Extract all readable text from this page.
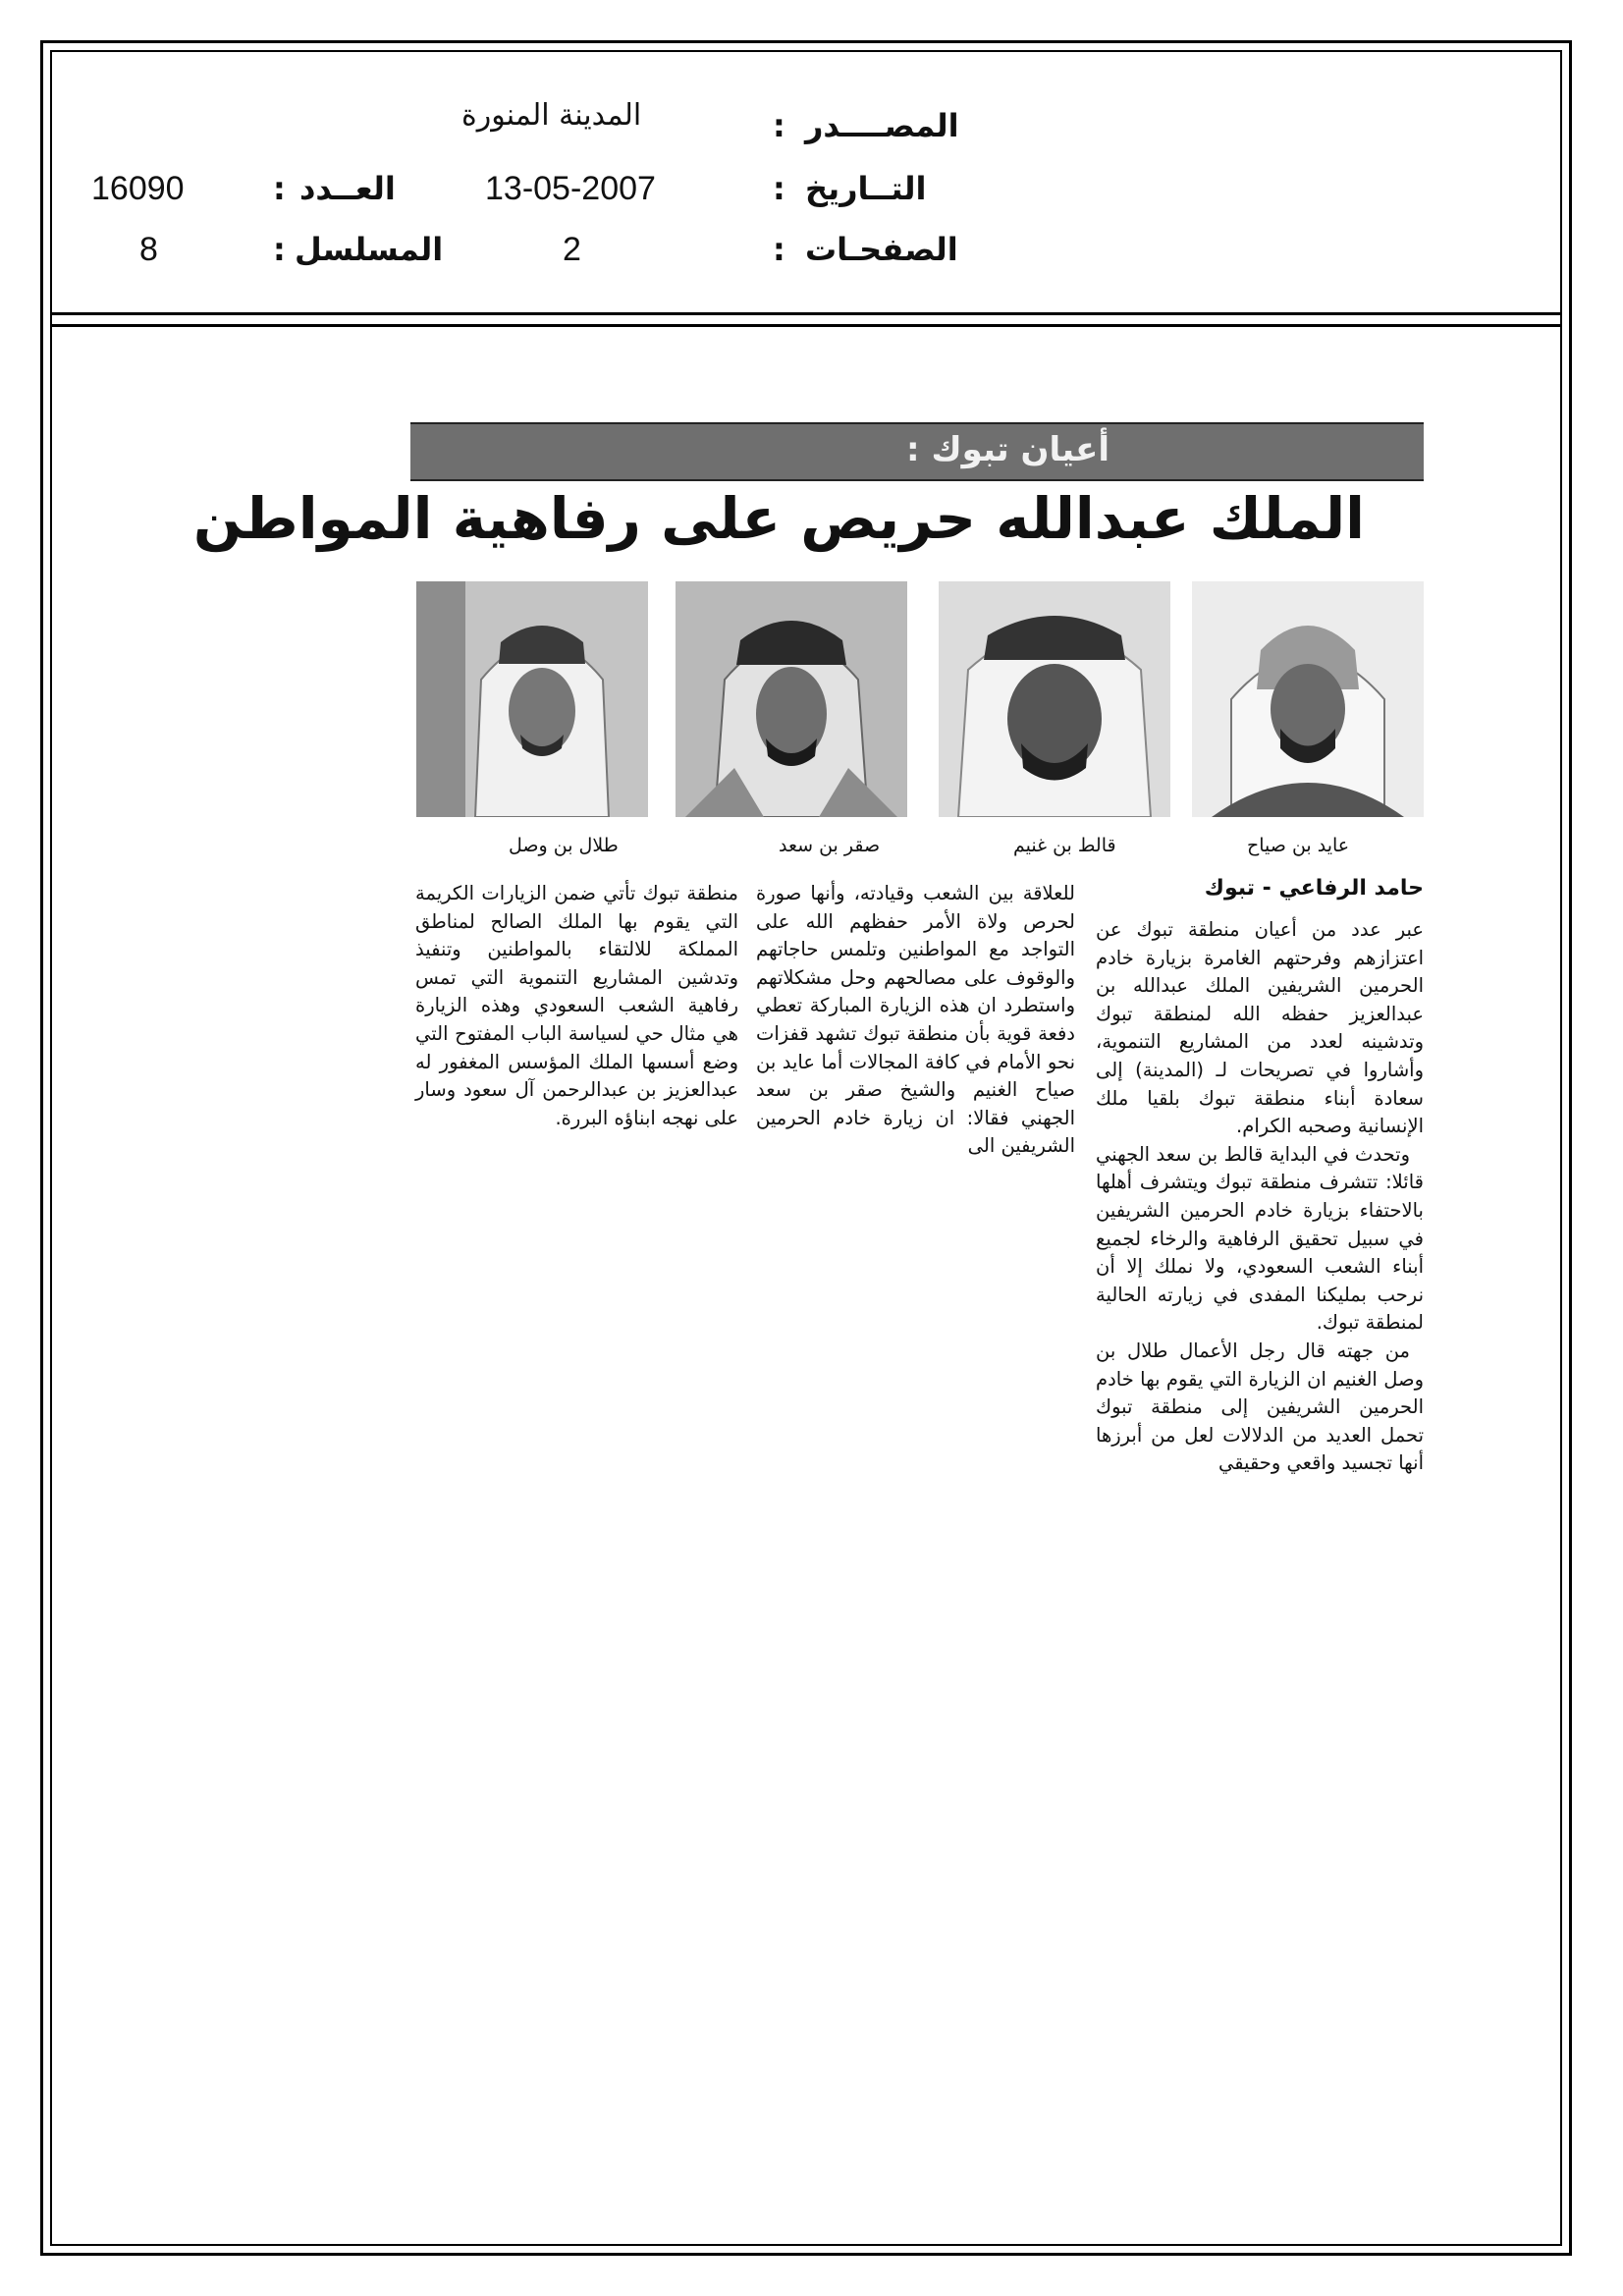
المصــــدر
:
المدينة المنورة
التــاريخ
:
13-05-2007
العــدد
:
16090
الصفحـات
:
2
المسلسل
:
8
أعيان تبوك :
الملك عبدالله حريص على رفاهية المواطن
عايد بن صياح
قالط بن غنيم
صقر بن سعد
طلال بن وصل
حامد الرفاعي - تبوك

عبر عدد من أعيان منطقة تبوك عن اعتزازهم وفرحتهم الغامرة بزيارة خادم الحرمين الشريفين الملك عبدالله بن عبدالعزيز حفظه الله لمنطقة تبوك وتدشينه لعدد من المشاريع التنموية، وأشاروا في تصريحات لـ (المدينة) إلى سعادة أبناء منطقة تبوك بلقيا ملك الإنسانية وصحبه الكرام.

وتحدث في البداية قالط بن سعد الجهني قائلا: تتشرف منطقة تبوك ويتشرف أهلها بالاحتفاء بزيارة خادم الحرمين الشريفين في سبيل تحقيق الرفاهية والرخاء لجميع أبناء الشعب السعودي، ولا نملك إلا أن نرحب بمليكنا المفدى في زيارته الحالية لمنطقة تبوك.

من جهته قال رجل الأعمال طلال بن وصل الغنيم ان الزيارة التي يقوم بها خادم الحرمين الشريفين إلى منطقة تبوك تحمل العديد من الدلالات لعل من أبرزها أنها تجسيد واقعي وحقيقي

للعلاقة بين الشعب وقيادته، وأنها صورة لحرص ولاة الأمر حفظهم الله على التواجد مع المواطنين وتلمس حاجاتهم والوقوف على مصالحهم وحل مشكلاتهم واستطرد ان هذه الزيارة المباركة تعطي دفعة قوية بأن منطقة تبوك تشهد قفزات نحو الأمام في كافة المجالات أما عايد بن صياح الغنيم والشيخ صقر بن سعد الجهني فقالا: ان زيارة خادم الحرمين الشريفين الى

منطقة تبوك تأتي ضمن الزيارات الكريمة التي يقوم بها الملك الصالح لمناطق المملكة للالتقاء بالمواطنين وتنفيذ وتدشين المشاريع التنموية التي تمس رفاهية الشعب السعودي وهذه الزيارة هي مثال حي لسياسة الباب المفتوح التي وضع أسسها الملك المؤسس المغفور له عبدالعزيز بن عبدالرحمن آل سعود وسار على نهجه ابناؤه البررة.
